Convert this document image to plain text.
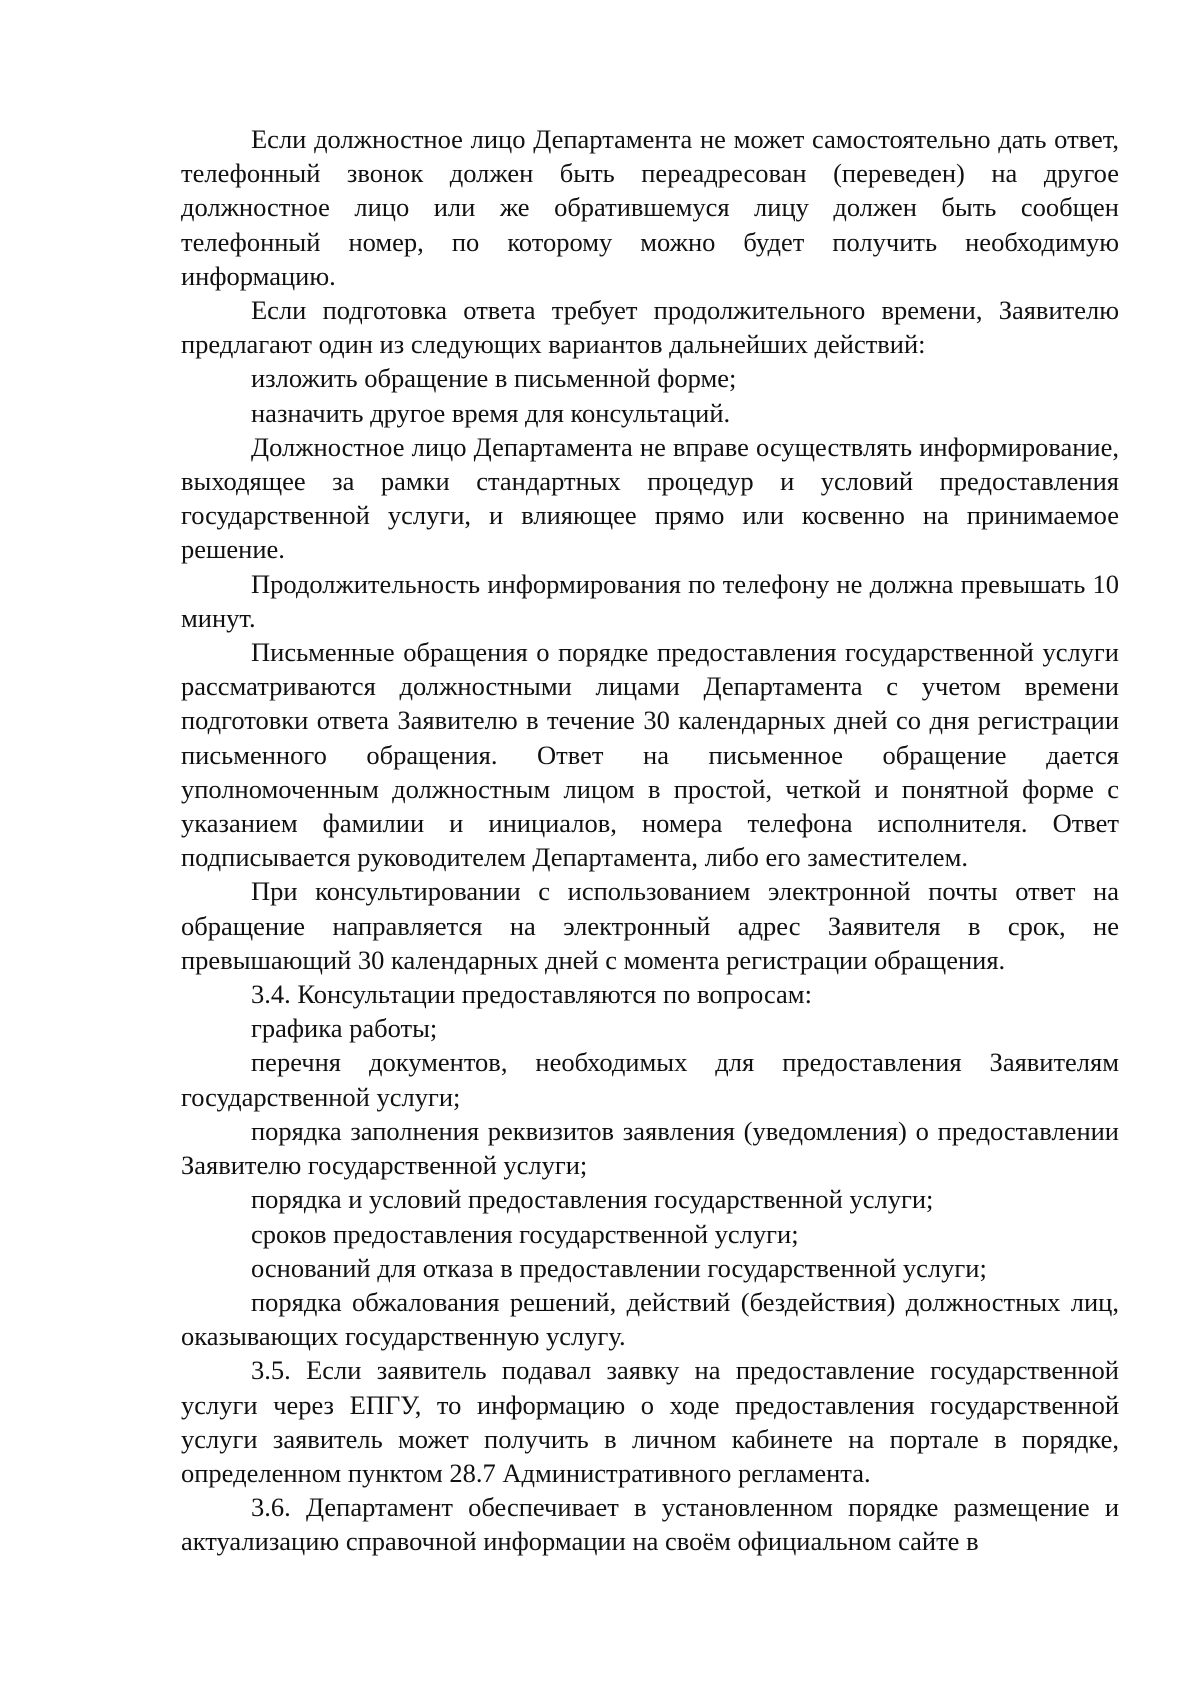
Если должностное лицо Департамента не может самостоятельно дать ответ, телефонный звонок должен быть переадресован (переведен) на другое должностное лицо или же обратившемуся лицу должен быть сообщен телефонный номер, по которому можно будет получить необходимую информацию.

Если подготовка ответа требует продолжительного времени, Заявителю предлагают один из следующих вариантов дальнейших действий:

изложить обращение в письменной форме;

назначить другое время для консультаций.

Должностное лицо Департамента не вправе осуществлять информирование, выходящее за рамки стандартных процедур и условий предоставления государственной услуги, и влияющее прямо или косвенно на принимаемое решение.

Продолжительность информирования по телефону не должна превышать 10 минут.

Письменные обращения о порядке предоставления государственной услуги рассматриваются должностными лицами Департамента с учетом времени подготовки ответа Заявителю в течение 30 календарных дней со дня регистрации письменного обращения. Ответ на письменное обращение дается уполномоченным должностным лицом в простой, четкой и понятной форме с указанием фамилии и инициалов, номера телефона исполнителя. Ответ подписывается руководителем Департамента, либо его заместителем.

При консультировании с использованием электронной почты ответ на обращение направляется на электронный адрес Заявителя в срок, не превышающий 30 календарных дней с момента регистрации обращения.

3.4. Консультации предоставляются по вопросам:

графика работы;

перечня документов, необходимых для предоставления Заявителям государственной услуги;

порядка заполнения реквизитов заявления (уведомления) о предоставлении Заявителю государственной услуги;

порядка и условий предоставления государственной услуги;

сроков предоставления государственной услуги;

оснований для отказа в предоставлении государственной услуги;

порядка обжалования решений, действий (бездействия) должностных лиц, оказывающих государственную услугу.

3.5. Если заявитель подавал заявку на предоставление государственной услуги через ЕПГУ, то информацию о ходе предоставления государственной услуги заявитель может получить в личном кабинете на портале в порядке, определенном пунктом 28.7 Административного регламента.

3.6. Департамент обеспечивает в установленном порядке размещение и актуализацию справочной информации на своём официальном сайте в
